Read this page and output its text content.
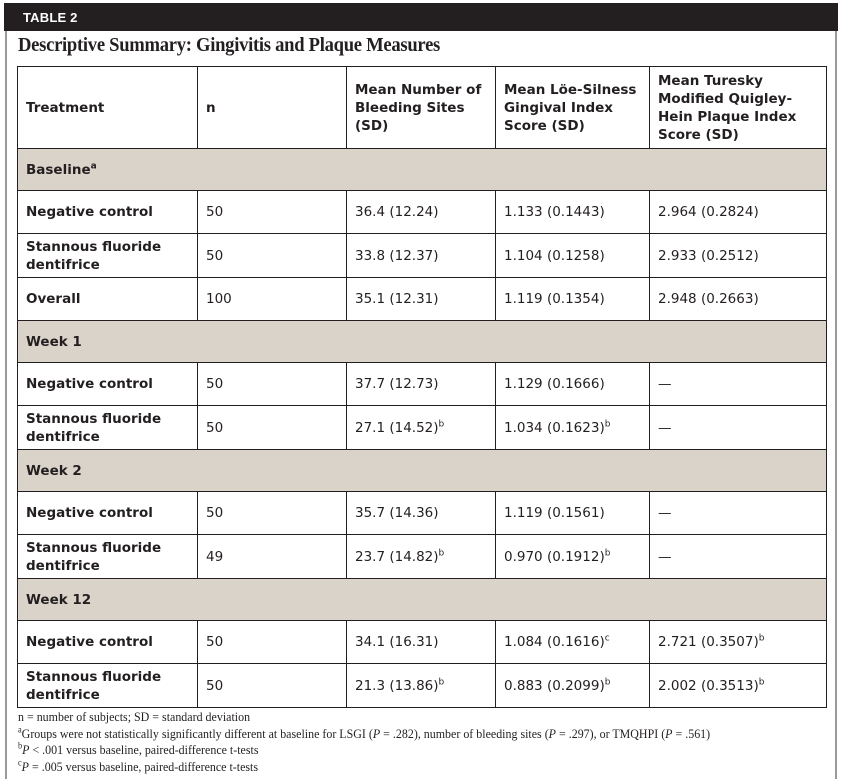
TABLE 2
Descriptive Summary: Gingivitis and Plaque Measures
Treatment	n	Mean Number of Bleeding Sites (SD)	Mean Löe-Silness Gingival Index Score (SD)	Mean Turesky Modified Quigley-Hein Plaque Index Score (SD)
Baseline$^a$
Negative control	50	36.4 (12.24)	1.133 (0.1443)	2.964 (0.2824)
Stannous fluoride dentifrice	50	33.8 (12.37)	1.104 (0.1258)	2.933 (0.2512)
Overall	100	35.1 (12.31)	1.119 (0.1354)	2.948 (0.2663)
Week 1				
Negative control	50	37.7 (12.73)	1.129 (0.1666)	—
Stannous fluoride dentifrice	50	27.1 $(14.52)^b$	1.034 $(0.1623)^b$	—
Week 2				
Negative control	50	35.7 (14.36)	1.119 (0.1561)	—
Stannous fluoride dentifrice	49	23.7 $(14.82)^b$	0.970 $(0.1912)^b$	—
Week 12				
Negative control	50	34.1 (16.31)	1.084 $(0.1616)^c$	2.721 $(0.3507)^b$
Stannous fluoride dentifrice	50	21.3 $(13.86)^b$	0.883 $(0.2099)^b$	2.002 $(0.3513)^b$
n = number of subjects; SD = standard deviation
$^a$Groups were not statistically significantly different at baseline for LSGI (P = .282), number of bleeding sites (P = .297), or TMQHPI (P = .561)
$^b$P < .001 versus baseline, paired-difference t-tests
$^c$P = .005 versus baseline, paired-difference t-tests
